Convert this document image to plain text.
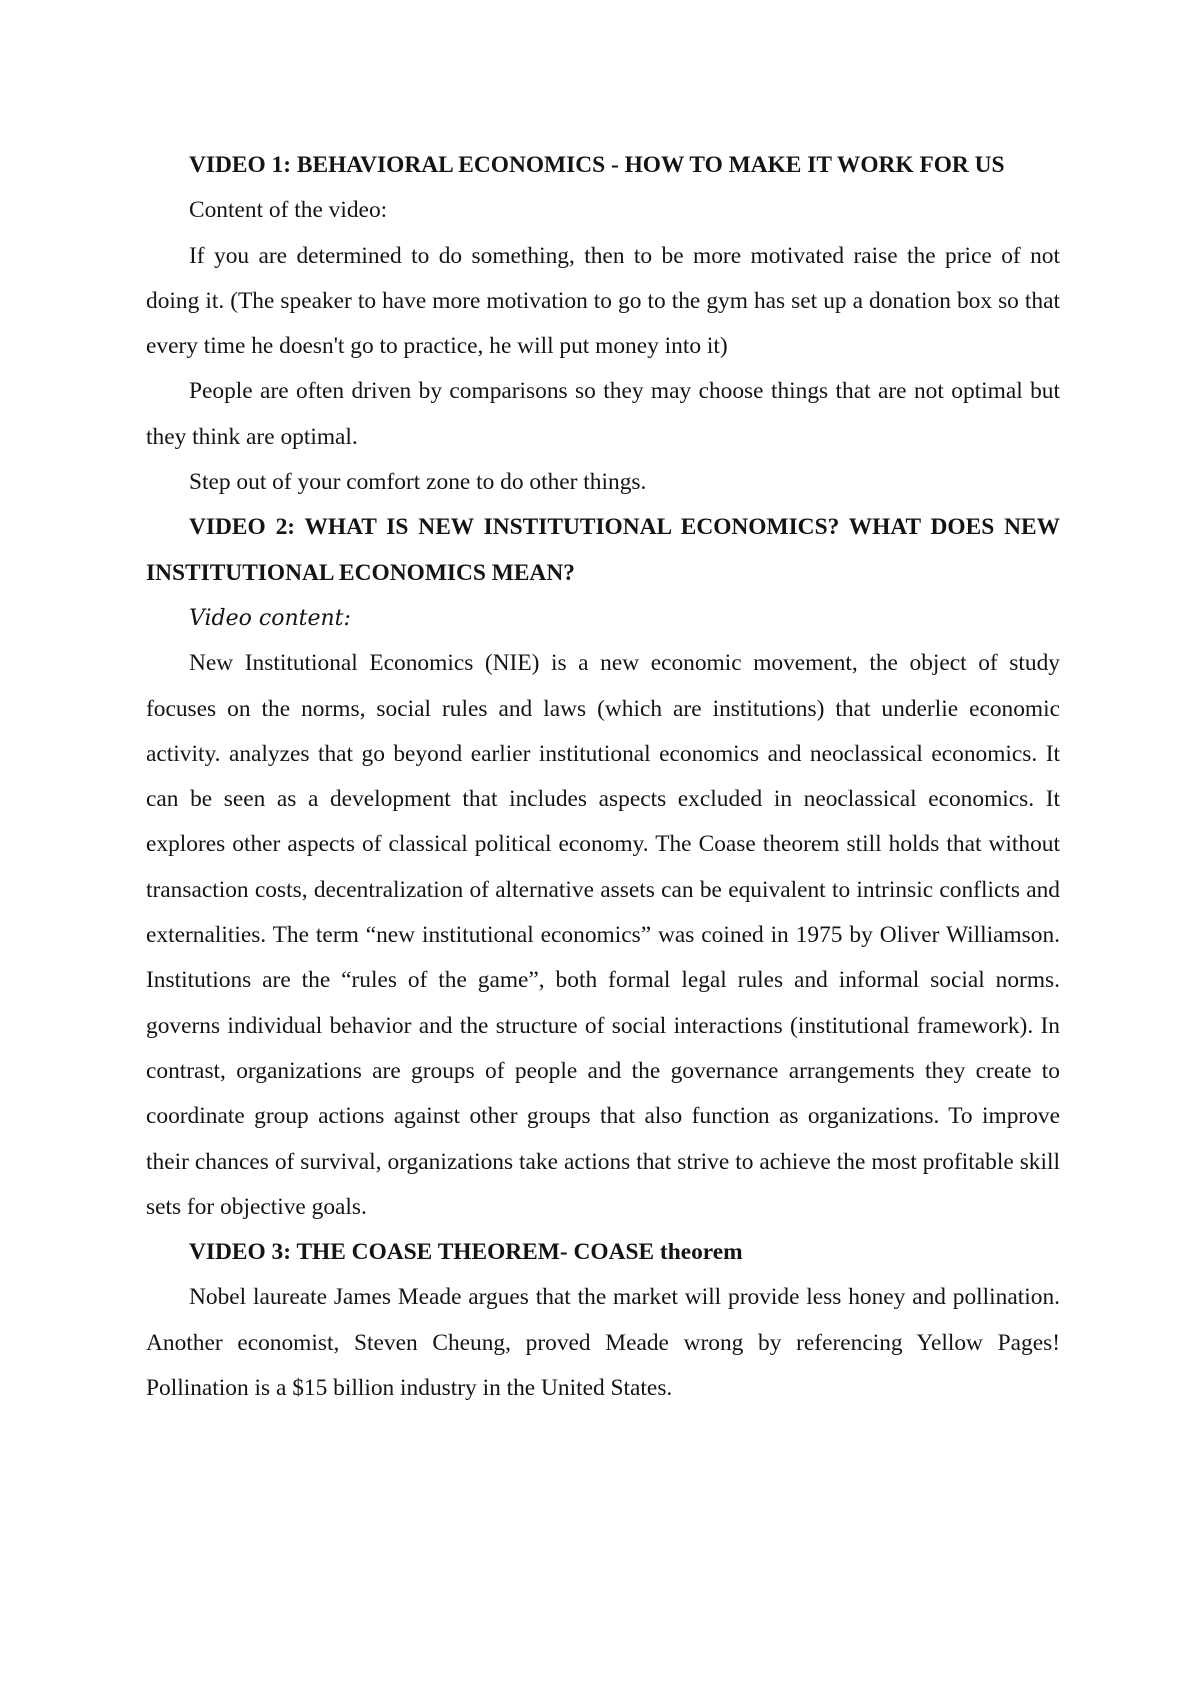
VIDEO 1: BEHAVIORAL ECONOMICS - HOW TO MAKE IT WORK FOR US

Content of the video:

If you are determined to do something, then to be more motivated raise the price of not doing it. (The speaker to have more motivation to go to the gym has set up a donation box so that every time he doesn't go to practice, he will put money into it)

People are often driven by comparisons so they may choose things that are not optimal but they think are optimal.

Step out of your comfort zone to do other things.

VIDEO 2: WHAT IS NEW INSTITUTIONAL ECONOMICS? WHAT DOES NEW INSTITUTIONAL ECONOMICS MEAN?

Video content:

New Institutional Economics (NIE) is a new economic movement, the object of study focuses on the norms, social rules and laws (which are institutions) that underlie economic activity. analyzes that go beyond earlier institutional economics and neoclassical economics. It can be seen as a development that includes aspects excluded in neoclassical economics. It explores other aspects of classical political economy. The Coase theorem still holds that without transaction costs, decentralization of alternative assets can be equivalent to intrinsic conflicts and externalities. The term “new institutional economics” was coined in 1975 by Oliver Williamson. Institutions are the “rules of the game”, both formal legal rules and informal social norms. governs individual behavior and the structure of social interactions (institutional framework). In contrast, organizations are groups of people and the governance arrangements they create to coordinate group actions against other groups that also function as organizations. To improve their chances of survival, organizations take actions that strive to achieve the most profitable skill sets for objective goals.

VIDEO 3: THE COASE THEOREM- COASE theorem

Nobel laureate James Meade argues that the market will provide less honey and pollination. Another economist, Steven Cheung, proved Meade wrong by referencing Yellow Pages! Pollination is a $15 billion industry in the United States.
